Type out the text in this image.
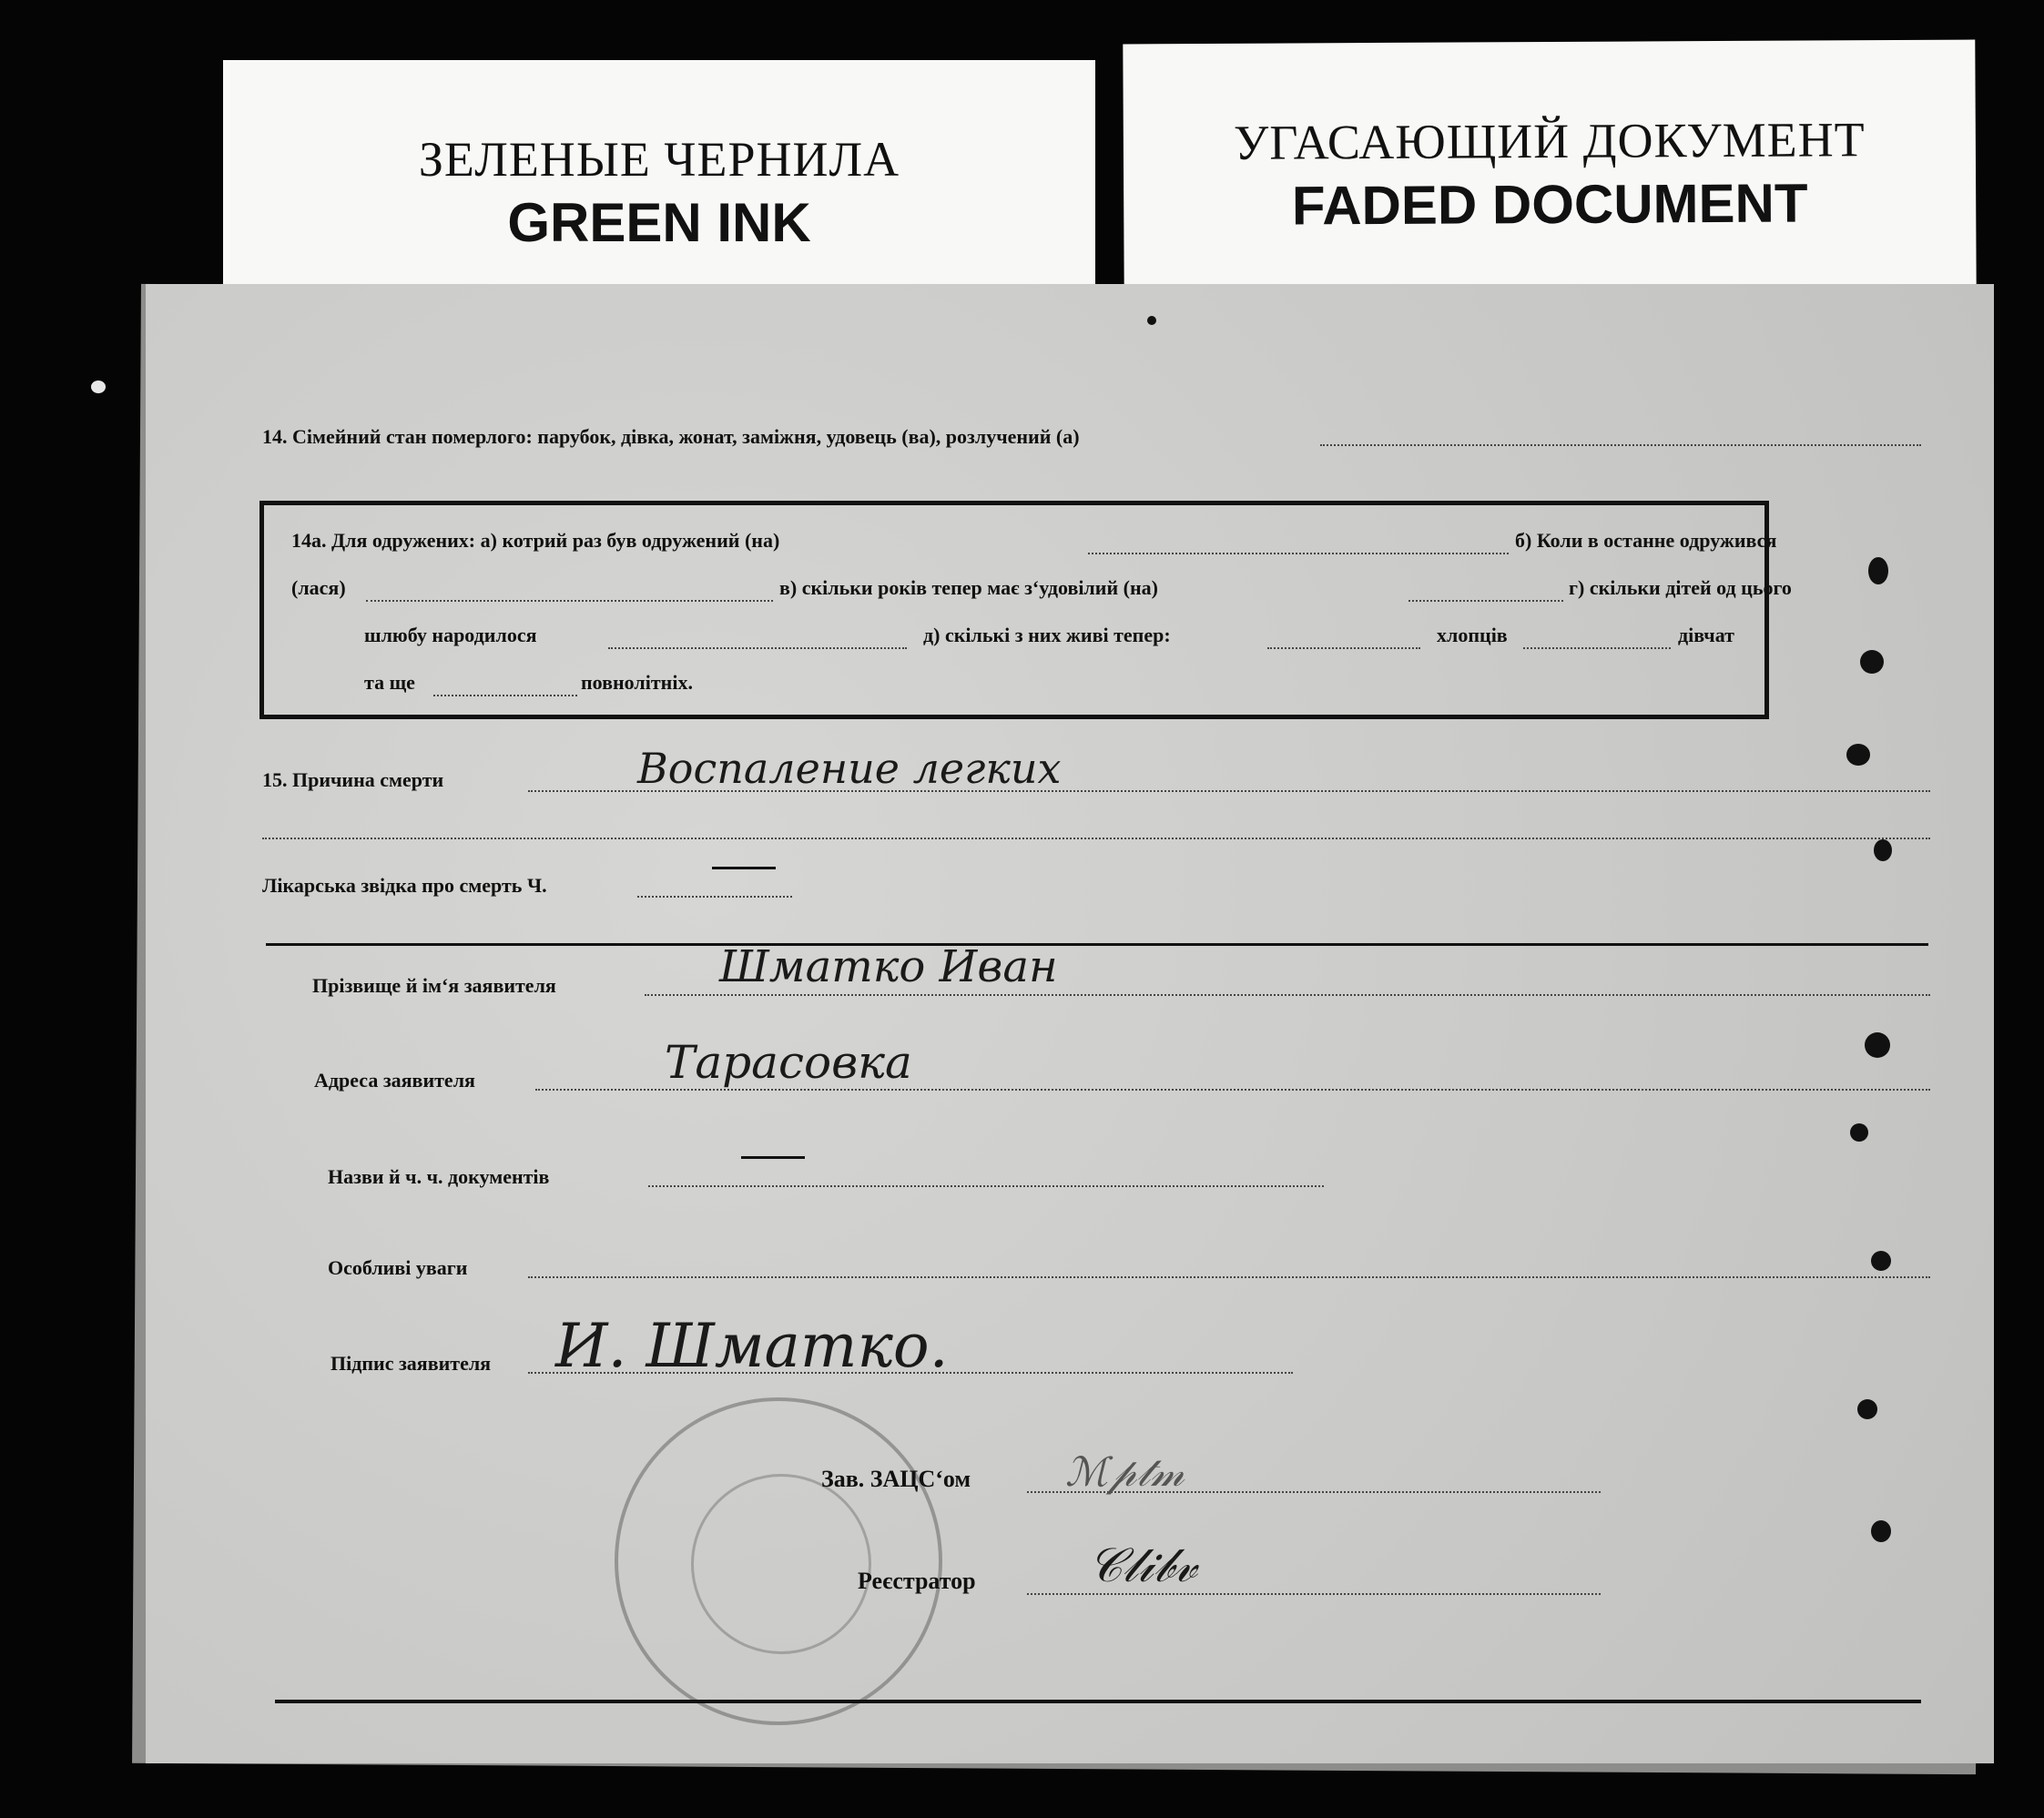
ЗЕЛЕНЫЕ ЧЕРНИЛА
GREEN INK
УГАСАЮЩИЙ ДОКУМЕНТ
FADED DOCUMENT
14. Сімейний стан померлого: парубок, дівка, жонат, заміжня, удовець (ва), розлучений (а)
14а. Для одружених: а) котрий раз був одружений (на)	б) Коли в останне одружився
(лася)	в) скільки років тепер має з‘удовілий (на)	г) скільки дітей од цього
шлюбу народилося	д) скількі з них живі тепер:	хлопців	дівчат
та ще	повнолітніх.
15. Причина смерти	Воспаление легких
Лікарська звідка про смерть Ч.
Прізвище й ім‘я заявителя	Шматко Иван
Адреса заявителя	Тарасовка
Назви й ч. ч. документів
Особливі уваги
Підпис заявителя И. Шматко.
Зав. ЗАЦС‘ом ℳ𝓅𝓉𝓂
Реєстратор 𝒞𝓁𝒾𝒷𝓋
